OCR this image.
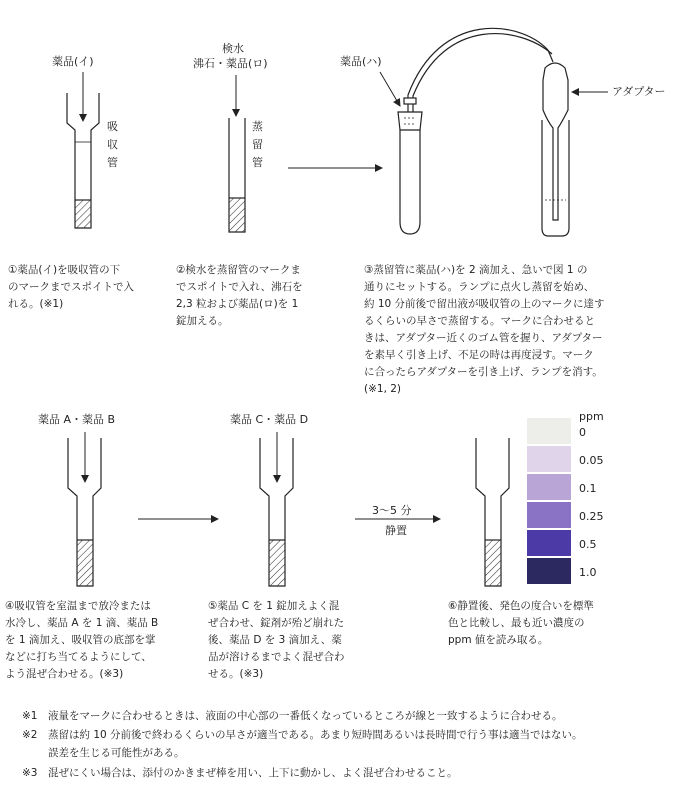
薬品(イ)
吸
収
管
検水
沸石・薬品(ロ)
蒸
留
管
薬品(ハ)
アダプター
薬品 A・薬品 B	薬品 C・薬品 D
3〜5 分
静置
ppm
0
0.05
0.1
0.25
0.5
1.0
①薬品(イ)を吸収管の下
のマークまでスポイトで入
れる。(※1)
②検水を蒸留管のマークま
でスポイトで入れ、沸石を
2,3 粒および薬品(ロ)を 1
錠加える。
③蒸留管に薬品(ハ)を 2 滴加え、急いで図 1 の
通りにセットする。ランプに点火し蒸留を始め、
約 10 分前後で留出液が吸収管の上のマークに達す
るくらいの早さで蒸留する。マークに合わせると
きは、アダプター近くのゴム管を握り、アダプター
を素早く引き上げ、不足の時は再度浸す。マーク
に合ったらアダプターを引き上げ、ランプを消す。
(※1, 2)
④吸収管を室温まで放冷または
水冷し、薬品 A を 1 滴、薬品 B
を 1 滴加え、吸収管の底部を掌
などに打ち当てるようにして、
よう混ぜ合わせる。(※3)
⑤薬品 C を 1 錠加えよく混
ぜ合わせ、錠剤が殆ど崩れた
後、薬品 D を 3 滴加え、薬
品が溶けるまでよく混ぜ合わ
せる。(※3)
⑥静置後、発色の度合いを標準
色と比較し、最も近い濃度の
ppm 値を読み取る。
※1 液量をマークに合わせるときは、液面の中心部の一番低くなっているところが線と一致するように合わせる。
※2 蒸留は約 10 分前後で終わるくらいの早さが適当である。あまり短時間あるいは長時間で行う事は適当ではない。
誤差を生じる可能性がある。
※3 混ぜにくい場合は、添付のかきまぜ棒を用い、上下に動かし、よく混ぜ合わせること。
